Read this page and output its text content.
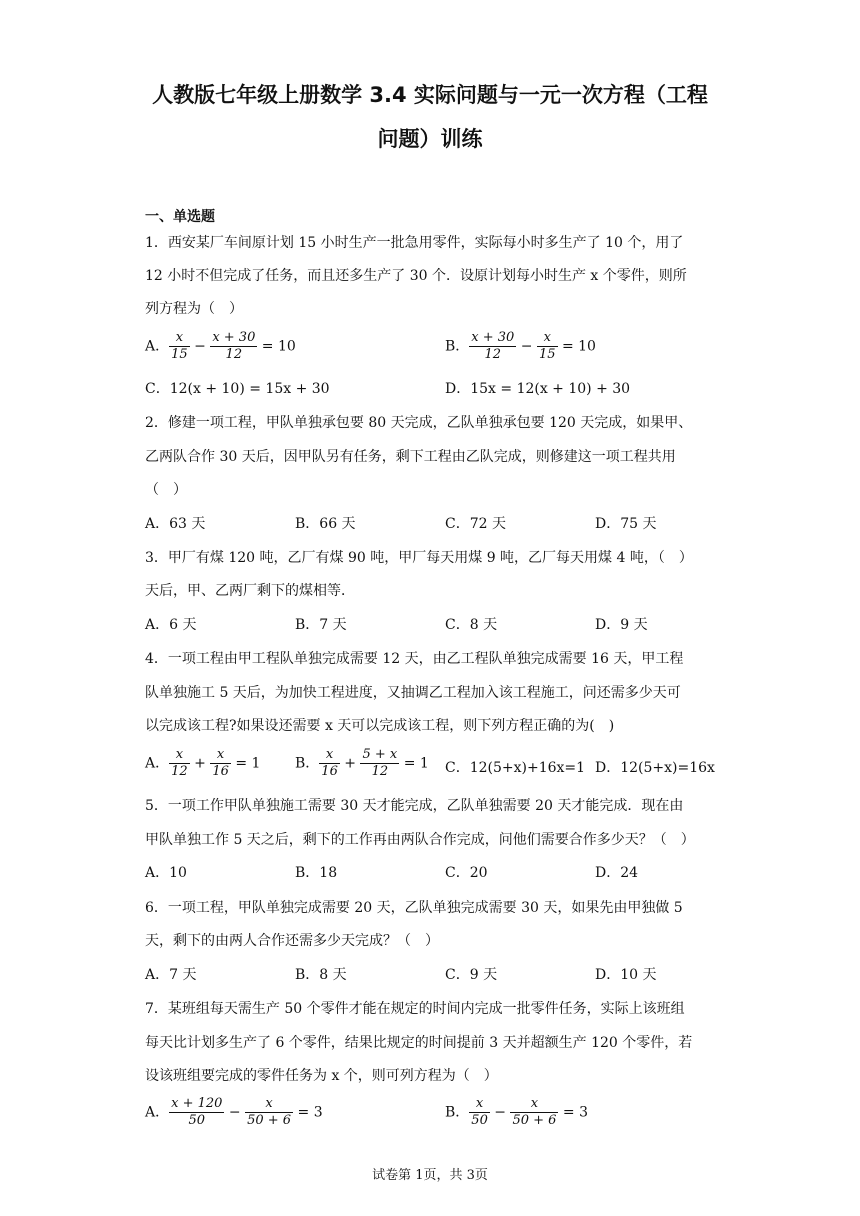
人教版七年级上册数学 3.4 实际问题与一元一次方程（工程
问题）训练
一、单选题
1．西安某厂车间原计划 15 小时生产一批急用零件，实际每小时多生产了 10 个，用了
12 小时不但完成了任务，而且还多生产了 30 个．设原计划每小时生产 x 个零件，则所
列方程为（　）
A． $\frac{x}{15} - \frac{x + 30}{12} = 10$	B． $\frac{x + 30}{12} - \frac{x}{15} = 10$
C．12(x + 10) = 15x + 30	D．15x = 12(x + 10) + 30
2．修建一项工程，甲队单独承包要 80 天完成，乙队单独承包要 120 天完成，如果甲、
乙两队合作 30 天后，因甲队另有任务，剩下工程由乙队完成，则修建这一项工程共用
（　）
A．63 天	B．66 天	C．72 天	D．75 天
3．甲厂有煤 120 吨，乙厂有煤 90 吨，甲厂每天用煤 9 吨，乙厂每天用煤 4 吨，（　）
天后，甲、乙两厂剩下的煤相等．
A．6 天	B．7 天	C．8 天	D．9 天
4．一项工程由甲工程队单独完成需要 12 天，由乙工程队单独完成需要 16 天，甲工程
队单独施工 5 天后，为加快工程进度，又抽调乙工程加入该工程施工，问还需多少天可
以完成该工程?如果设还需要 x 天可以完成该工程，则下列方程正确的为(　)
A． $\frac{x}{12} + \frac{x}{16} = 1$ B． $\frac{x}{16} + \frac{5 + x}{12} = 1$ C．12(5+x)+16x=1 D．12(5+x)=16x
5．一项工作甲队单独施工需要 30 天才能完成，乙队单独需要 20 天才能完成．现在由
甲队单独工作 5 天之后，剩下的工作再由两队合作完成，问他们需要合作多少天？（　）
A．10	B．18	C．20	D．24
6．一项工程，甲队单独完成需要 20 天，乙队单独完成需要 30 天，如果先由甲独做 5
天，剩下的由两人合作还需多少天完成？（　）
A．7 天	B．8 天	C．9 天	D．10 天
7．某班组每天需生产 50 个零件才能在规定的时间内完成一批零件任务，实际上该班组
每天比计划多生产了 6 个零件，结果比规定的时间提前 3 天并超额生产 120 个零件，若
设该班组要完成的零件任务为 x 个，则可列方程为（　）
A． $\frac{x + 120}{50} - \frac{x}{50 + 6} = 3$	B． $\frac{x}{50} - \frac{x}{50 + 6} = 3$
试卷第 1页，共 3页
